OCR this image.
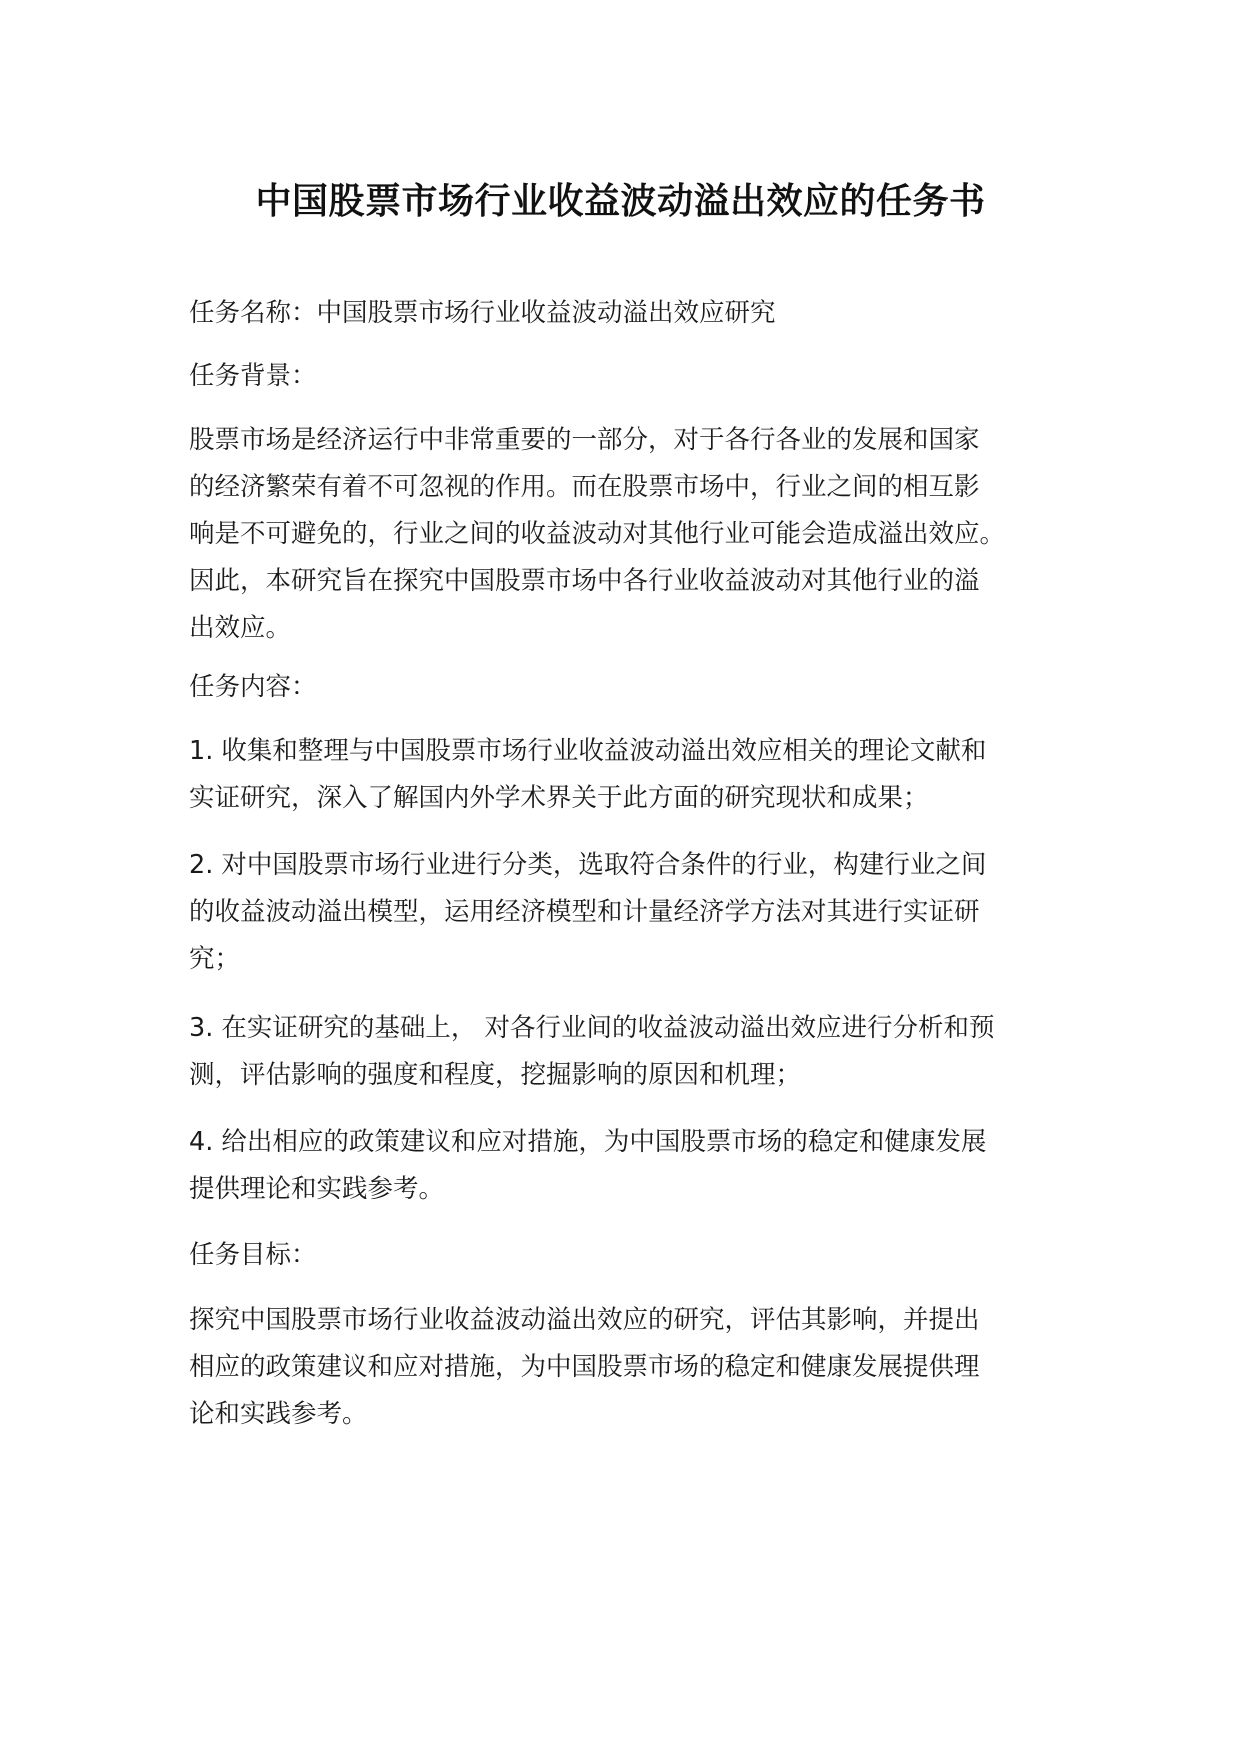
中国股票市场行业收益波动溢出效应的任务书

任务名称：中国股票市场行业收益波动溢出效应研究

任务背景：

股票市场是经济运行中非常重要的一部分，对于各行各业的发展和国家
的经济繁荣有着不可忽视的作用。而在股票市场中，行业之间的相互影
响是不可避免的，行业之间的收益波动对其他行业可能会造成溢出效应。
因此，本研究旨在探究中国股票市场中各行业收益波动对其他行业的溢
出效应。

任务内容：

1. 收集和整理与中国股票市场行业收益波动溢出效应相关的理论文献和
实证研究，深入了解国内外学术界关于此方面的研究现状和成果；
2. 对中国股票市场行业进行分类，选取符合条件的行业，构建行业之间
的收益波动溢出模型，运用经济模型和计量经济学方法对其进行实证研
究；
3. 在实证研究的基础上， 对各行业间的收益波动溢出效应进行分析和预
测，评估影响的强度和程度，挖掘影响的原因和机理；
4. 给出相应的政策建议和应对措施，为中国股票市场的稳定和健康发展
提供理论和实践参考。

任务目标：

探究中国股票市场行业收益波动溢出效应的研究，评估其影响，并提出
相应的政策建议和应对措施，为中国股票市场的稳定和健康发展提供理
论和实践参考。
